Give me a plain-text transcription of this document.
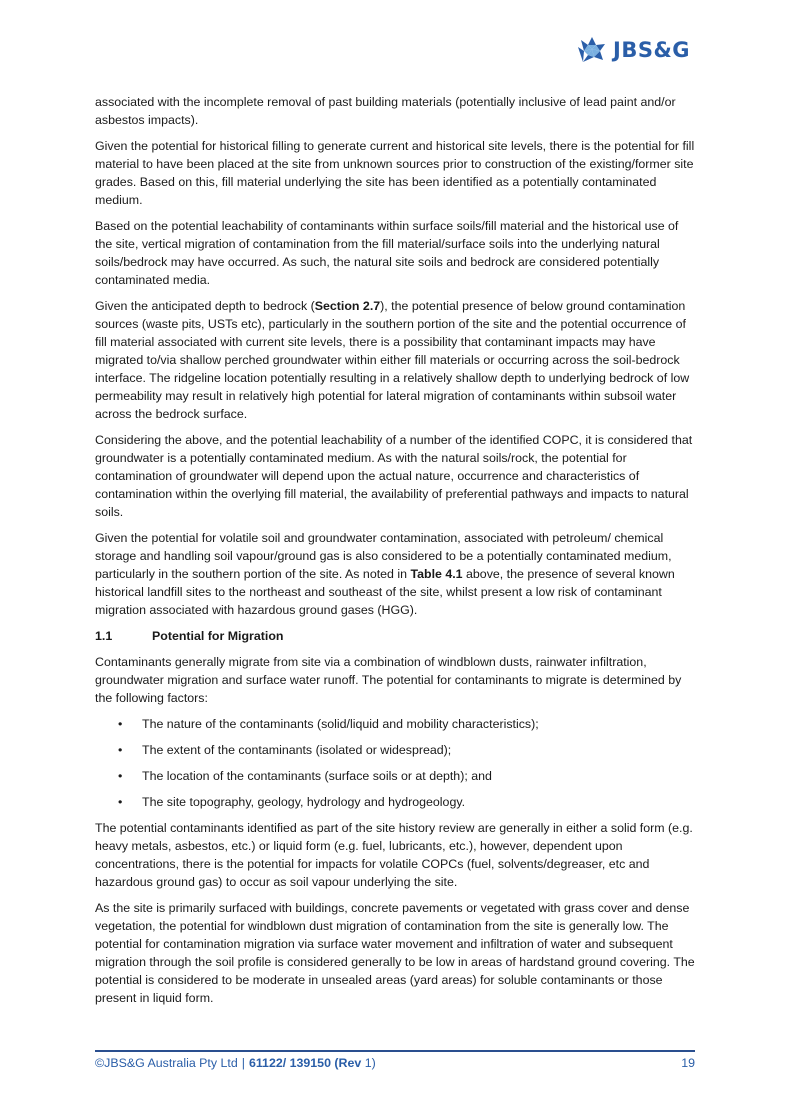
JBS&G

associated with the incomplete removal of past building materials (potentially inclusive of lead paint and/or asbestos impacts).

Given the potential for historical filling to generate current and historical site levels, there is the potential for fill material to have been placed at the site from unknown sources prior to construction of the existing/former site grades. Based on this, fill material underlying the site has been identified as a potentially contaminated medium.

Based on the potential leachability of contaminants within surface soils/fill material and the historical use of the site, vertical migration of contamination from the fill material/surface soils into the underlying natural soils/bedrock may have occurred. As such, the natural site soils and bedrock are considered potentially contaminated media.

Given the anticipated depth to bedrock (Section 2.7), the potential presence of below ground contamination sources (waste pits, USTs etc), particularly in the southern portion of the site and the potential occurrence of fill material associated with current site levels, there is a possibility that contaminant impacts may have migrated to/via shallow perched groundwater within either fill materials or occurring across the soil-bedrock interface. The ridgeline location potentially resulting in a relatively shallow depth to underlying bedrock of low permeability may result in relatively high potential for lateral migration of contaminants within subsoil water across the bedrock surface.

Considering the above, and the potential leachability of a number of the identified COPC, it is considered that groundwater is a potentially contaminated medium. As with the natural soils/rock, the potential for contamination of groundwater will depend upon the actual nature, occurrence and characteristics of contamination within the overlying fill material, the availability of preferential pathways and impacts to natural soils.

Given the potential for volatile soil and groundwater contamination, associated with petroleum/ chemical storage and handling soil vapour/ground gas is also considered to be a potentially contaminated medium, particularly in the southern portion of the site. As noted in Table 4.1 above, the presence of several known historical landfill sites to the northeast and southeast of the site, whilst present a low risk of contaminant migration associated with hazardous ground gases (HGG).

1.1	Potential for Migration

Contaminants generally migrate from site via a combination of windblown dusts, rainwater infiltration, groundwater migration and surface water runoff. The potential for contaminants to migrate is determined by the following factors:

• The nature of the contaminants (solid/liquid and mobility characteristics);
• The extent of the contaminants (isolated or widespread);
• The location of the contaminants (surface soils or at depth); and
• The site topography, geology, hydrology and hydrogeology.

The potential contaminants identified as part of the site history review are generally in either a solid form (e.g. heavy metals, asbestos, etc.) or liquid form (e.g. fuel, lubricants, etc.), however, dependent upon concentrations, there is the potential for impacts for volatile COPCs (fuel, solvents/degreaser, etc and hazardous ground gas) to occur as soil vapour underlying the site.

As the site is primarily surfaced with buildings, concrete pavements or vegetated with grass cover and dense vegetation, the potential for windblown dust migration of contamination from the site is generally low. The potential for contamination migration via surface water movement and infiltration of water and subsequent migration through the soil profile is considered generally to be low in areas of hardstand ground covering. The potential is considered to be moderate in unsealed areas (yard areas) for soluble contaminants or those present in liquid form.

©JBS&G Australia Pty Ltd | 61122/ 139150 (Rev 1)	19
